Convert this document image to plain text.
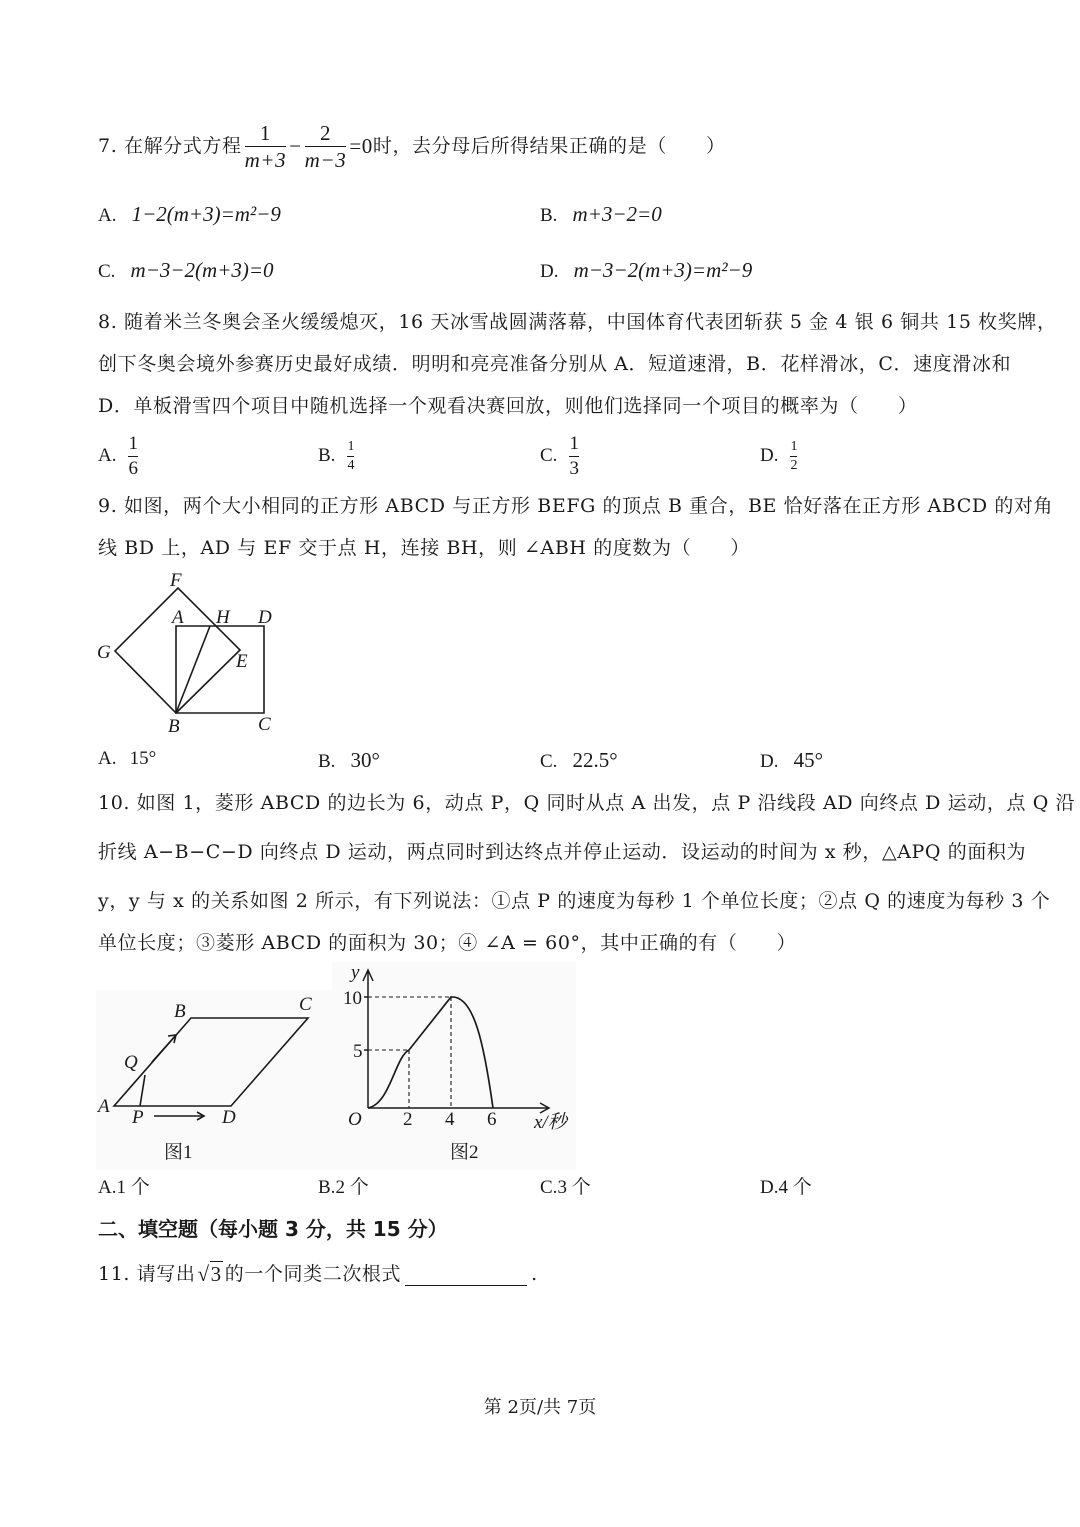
7. 在解分式方程 $\frac{1}{m+3} - \frac{2}{m-3} =0$ 时，去分母后所得结果正确的是（　　）
A. 1−2(m+3)=m²−9	B. m+3−2=0
C. m−3−2(m+3)=0	D. m−3−2(m+3)=m²−9
8. 随着米兰冬奥会圣火缓缓熄灭，16 天冰雪战圆满落幕，中国体育代表团斩获 5 金 4 银 6 铜共 15 枚奖牌，
创下冬奥会境外参赛历史最好成绩．明明和亮亮准备分别从 A．短道速滑，B．花样滑冰，C．速度滑冰和
D．单板滑雪四个项目中随机选择一个观看决赛回放，则他们选择同一个项目的概率为（　　）
A. $\frac{1}{6}$	B. $\frac{1}{4}$	C. $\frac{1}{3}$	D. $\frac{1}{2}$
9. 如图，两个大小相同的正方形 ABCD 与正方形 BEFG 的顶点 B 重合，BE 恰好落在正方形 ABCD 的对角
线 BD 上，AD 与 EF 交于点 H，连接 BH，则 ∠ABH 的度数为（　　）
F
A H D
G	E
B	C
A. 15°	B. 30°	C. 22.5°	D. 45°
10. 如图 1，菱形 ABCD 的边长为 6，动点 P，Q 同时从点 A 出发，点 P 沿线段 AD 向终点 D 运动，点 Q 沿
折线 A−B−C−D 向终点 D 运动，两点同时到达终点并停止运动．设运动的时间为 x 秒，△APQ 的面积为
y，y 与 x 的关系如图 2 所示，有下列说法：①点 P 的速度为每秒 1 个单位长度；②点 Q 的速度为每秒 3 个
单位长度；③菱形 ABCD 的面积为 30；④ ∠A = 60°，其中正确的有（　　）
A
B	C
D
P
Q
图1
y
10
5
O 2 4 6 x/秒
图2
A.1 个	B.2 个	C.3 个	D.4 个
二、填空题（每小题 3 分，共 15 分）
11. 请写出 √3 的一个同类二次根式	.
第 2页/共 7页
